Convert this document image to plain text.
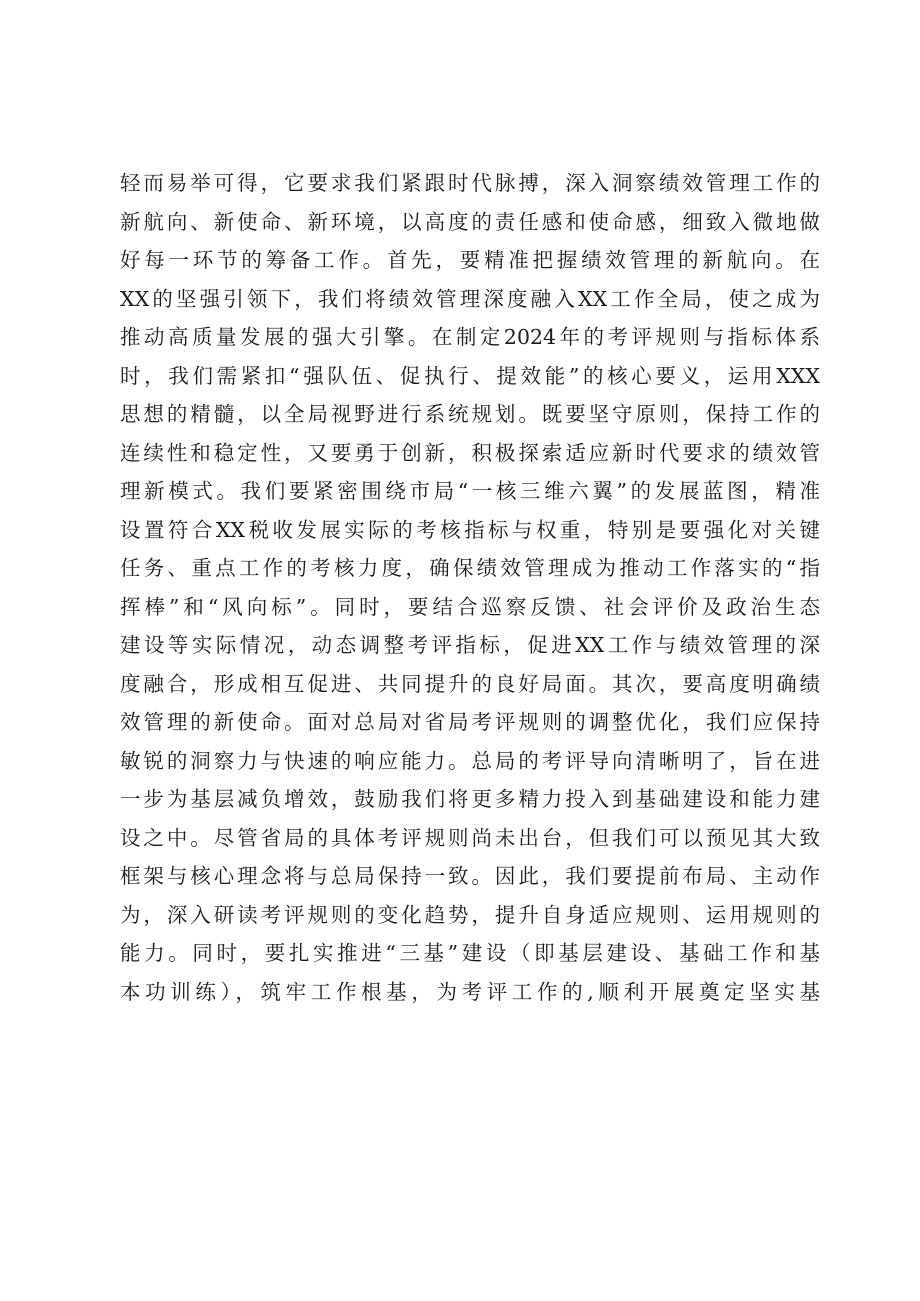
轻而易举可得，它要求我们紧跟时代脉搏，深入洞察绩效管理工作的
新航向、新使命、新环境，以高度的责任感和使命感，细致入微地做
好每一环节的筹备工作。首先，要精准把握绩效管理的新航向。在
XX的坚强引领下，我们将绩效管理深度融入XX工作全局，使之成为
推动高质量发展的强大引擎。在制定2024年的考评规则与指标体系
时，我们需紧扣“强队伍、促执行、提效能”的核心要义，运用XXX
思想的精髓，以全局视野进行系统规划。既要坚守原则，保持工作的
连续性和稳定性，又要勇于创新，积极探索适应新时代要求的绩效管
理新模式。我们要紧密围绕市局“一核三维六翼”的发展蓝图，精准
设置符合XX税收发展实际的考核指标与权重，特别是要强化对关键
任务、重点工作的考核力度，确保绩效管理成为推动工作落实的“指
挥棒”和“风向标”。同时，要结合巡察反馈、社会评价及政治生态
建设等实际情况，动态调整考评指标，促进XX工作与绩效管理的深
度融合，形成相互促进、共同提升的良好局面。其次，要高度明确绩
效管理的新使命。面对总局对省局考评规则的调整优化，我们应保持
敏锐的洞察力与快速的响应能力。总局的考评导向清晰明了，旨在进
一步为基层减负增效，鼓励我们将更多精力投入到基础建设和能力建
设之中。尽管省局的具体考评规则尚未出台，但我们可以预见其大致
框架与核心理念将与总局保持一致。因此，我们要提前布局、主动作
为，深入研读考评规则的变化趋势，提升自身适应规则、运用规则的
能力。同时，要扎实推进“三基”建设（即基层建设、基础工作和基
本功训练），筑牢工作根基，为考评工作的,顺利开展奠定坚实基
